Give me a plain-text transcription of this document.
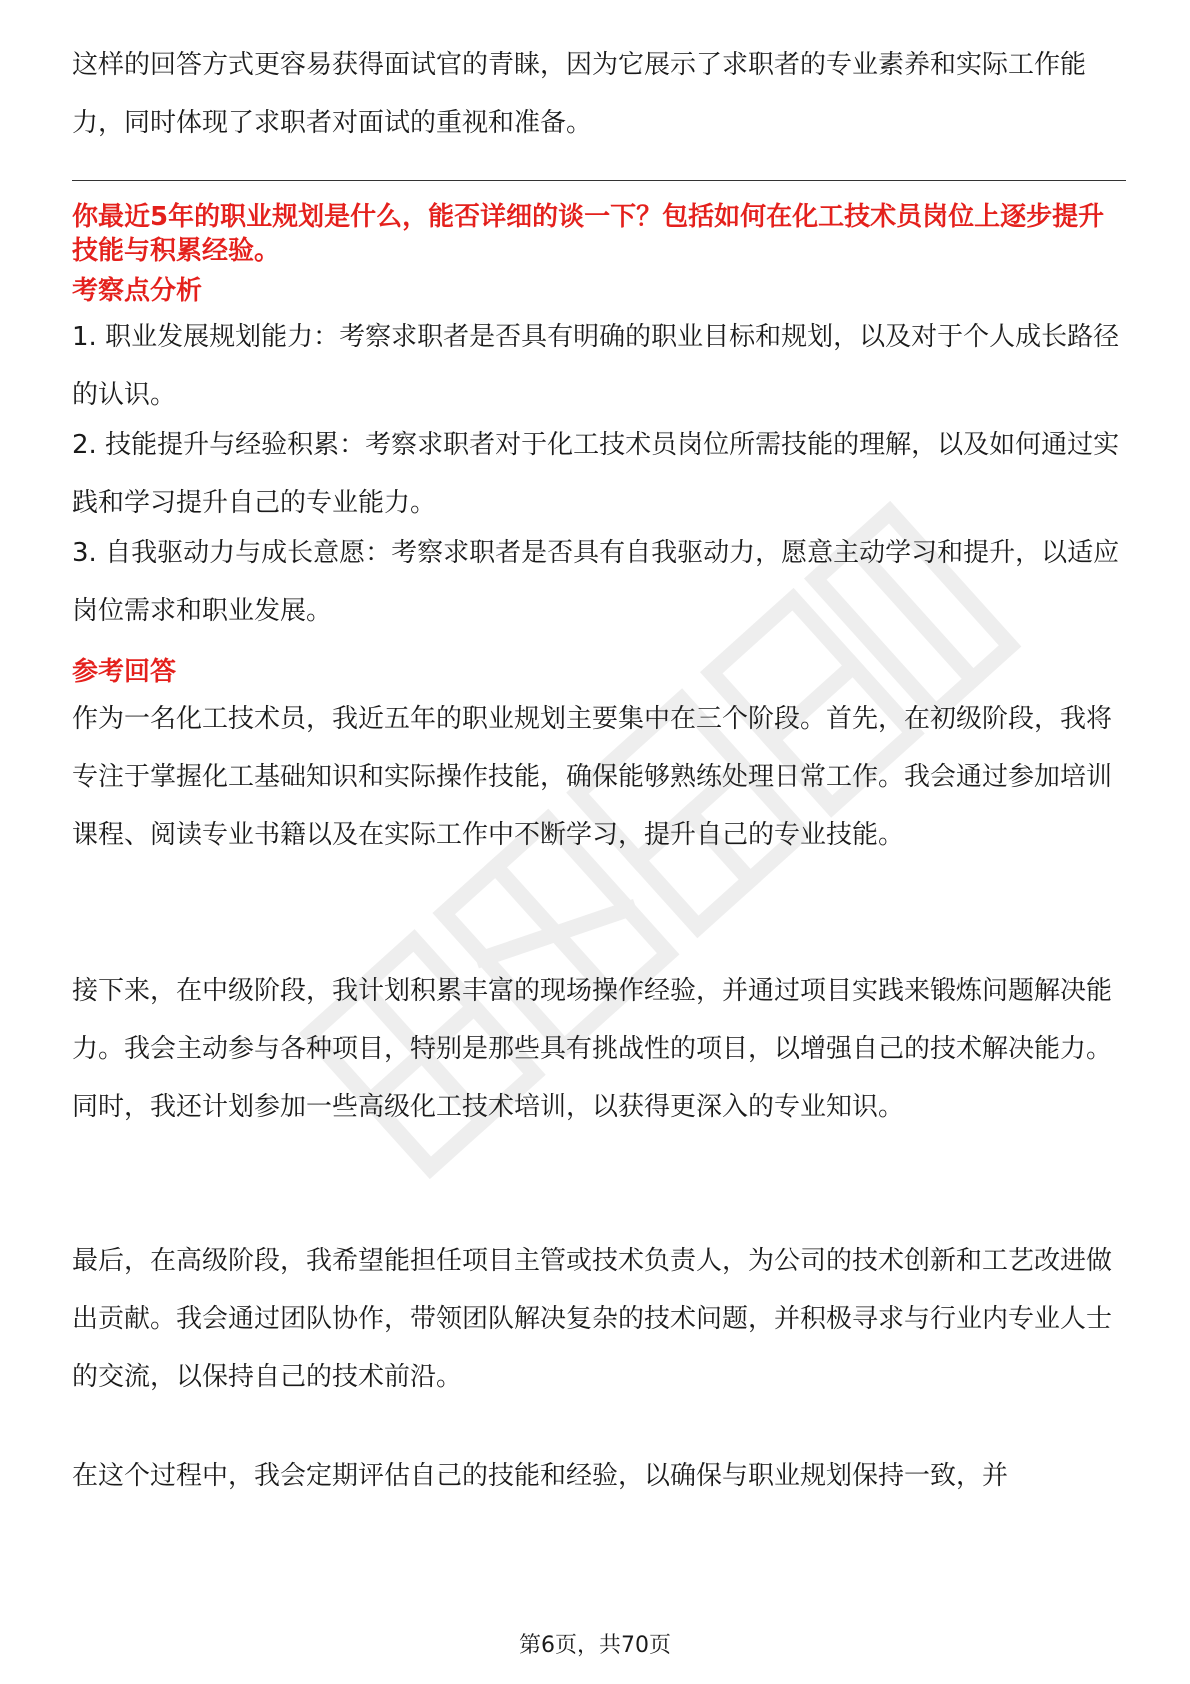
这样的回答方式更容易获得面试官的青睐，因为它展示了求职者的专业素养和实际工作能力，同时体现了求职者对面试的重视和准备。

你最近5年的职业规划是什么，能否详细的谈一下？包括如何在化工技术员岗位上逐步提升技能与积累经验。

考察点分析

1. 职业发展规划能力：考察求职者是否具有明确的职业目标和规划，以及对于个人成长路径的认识。

2. 技能提升与经验积累：考察求职者对于化工技术员岗位所需技能的理解，以及如何通过实践和学习提升自己的专业能力。

3. 自我驱动力与成长意愿：考察求职者是否具有自我驱动力，愿意主动学习和提升，以适应岗位需求和职业发展。

参考回答

作为一名化工技术员，我近五年的职业规划主要集中在三个阶段。首先，在初级阶段，我将专注于掌握化工基础知识和实际操作技能，确保能够熟练处理日常工作。我会通过参加培训课程、阅读专业书籍以及在实际工作中不断学习，提升自己的专业技能。

接下来，在中级阶段，我计划积累丰富的现场操作经验，并通过项目实践来锻炼问题解决能力。我会主动参与各种项目，特别是那些具有挑战性的项目，以增强自己的技术解决能力。同时，我还计划参加一些高级化工技术培训，以获得更深入的专业知识。

最后，在高级阶段，我希望能担任项目主管或技术负责人，为公司的技术创新和工艺改进做出贡献。我会通过团队协作，带领团队解决复杂的技术问题，并积极寻求与行业内专业人士的交流，以保持自己的技术前沿。

在这个过程中，我会定期评估自己的技能和经验，以确保与职业规划保持一致，并

第6页，共70页
